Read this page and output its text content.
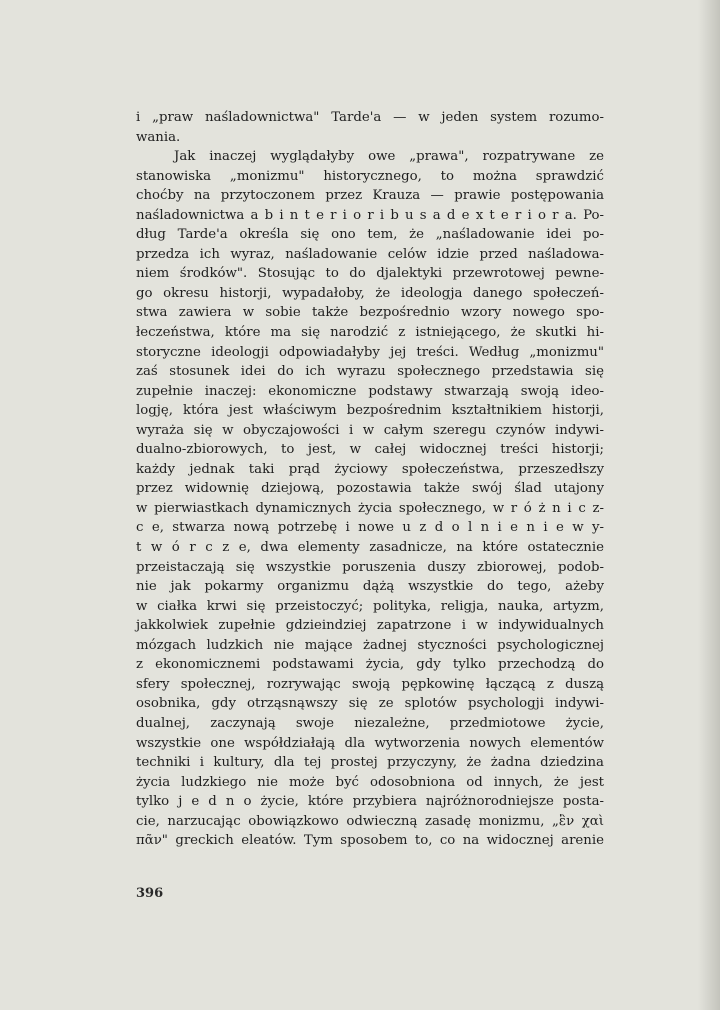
i „praw naśladownictwa" Tarde'a — w jeden system rozumo-
wania.
Jak inaczej wyglądałyby owe „prawa", rozpatrywane ze
stanowiska „monizmu" historycznego, to można sprawdzić
choćby na przytoczonem przez Krauza — prawie postępowania
naśladownictwa a b i n t e r i o r i b u s a d e x t e r i o r a. Po-
dług Tarde'a określa się ono tem, że „naśladowanie idei po-
przedza ich wyraz, naśladowanie celów idzie przed naśladowa-
niem środków". Stosując to do djalektyki przewrotowej pewne-
go okresu historji, wypadałoby, że ideologja danego społeczeń-
stwa zawiera w sobie także bezpośrednio wzory nowego spo-
łeczeństwa, które ma się narodzić z istniejącego, że skutki hi-
storyczne ideologji odpowiadałyby jej treści. Według „monizmu"
zaś stosunek idei do ich wyrazu społecznego przedstawia się
zupełnie inaczej: ekonomiczne podstawy stwarzają swoją ideo-
logję, która jest właściwym bezpośrednim kształtnikiem historji,
wyraża się w obyczajowości i w całym szeregu czynów indywi-
dualno-zbiorowych, to jest, w całej widocznej treści historji;
każdy jednak taki prąd życiowy społeczeństwa, przeszedłszy
przez widownię dziejową, pozostawia także swój ślad utajony
w pierwiastkach dynamicznych życia społecznego, w r ó ż n i c z-
c e, stwarza nową potrzebę i nowe u z d o l n i e n i e w y-
t w ó r c z e, dwa elementy zasadnicze, na które ostatecznie
przeistaczają się wszystkie poruszenia duszy zbiorowej, podob-
nie jak pokarmy organizmu dążą wszystkie do tego, ażeby
w ciałka krwi się przeistoczyć; polityka, religja, nauka, artyzm,
jakkolwiek zupełnie gdzieindziej zapatrzone i w indywidualnych
mózgach ludzkich nie mające żadnej styczności psychologicznej
z ekonomicznemi podstawami życia, gdy tylko przechodzą do
sfery społecznej, rozrywając swoją pępkowinę łączącą z duszą
osobnika, gdy otrząsnąwszy się ze splotów psychologji indywi-
dualnej, zaczynają swoje niezależne, przedmiotowe życie,
wszystkie one współdziałają dla wytworzenia nowych elementów
techniki i kultury, dla tej prostej przyczyny, że żadna dziedzina
życia ludzkiego nie może być odosobniona od innych, że jest
tylko j e d n o życie, które przybiera najróżnorodniejsze posta-
cie, narzucając obowiązkowo odwieczną zasadę monizmu, „ἓν χαὶ
πᾶν" greckich eleatów. Tym sposobem to, co na widocznej arenie
396
